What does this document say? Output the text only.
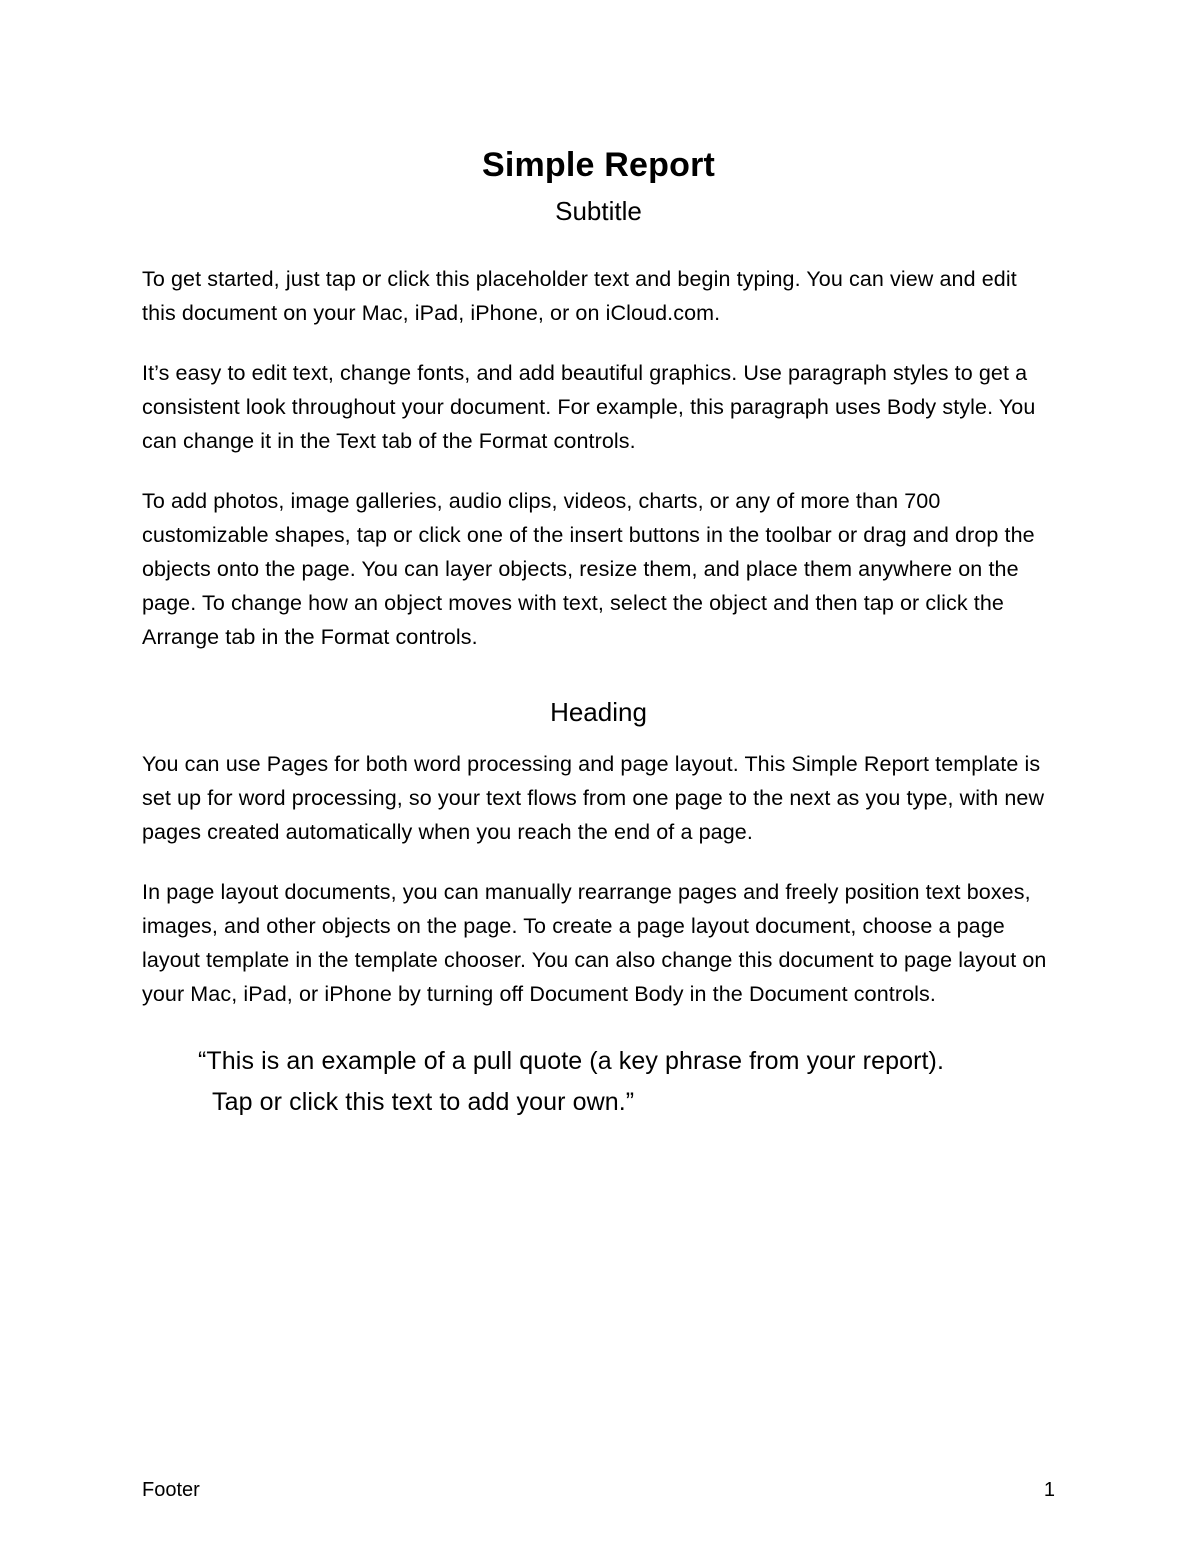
Simple Report
Subtitle

To get started, just tap or click this placeholder text and begin typing. You can view and edit this document on your Mac, iPad, iPhone, or on iCloud.com.

It’s easy to edit text, change fonts, and add beautiful graphics. Use paragraph styles to get a consistent look throughout your document. For example, this paragraph uses Body style. You can change it in the Text tab of the Format controls.

To add photos, image galleries, audio clips, videos, charts, or any of more than 700 customizable shapes, tap or click one of the insert buttons in the toolbar or drag and drop the objects onto the page. You can layer objects, resize them, and place them anywhere on the page. To change how an object moves with text, select the object and then tap or click the Arrange tab in the Format controls.

Heading

You can use Pages for both word processing and page layout. This Simple Report template is set up for word processing, so your text flows from one page to the next as you type, with new pages created automatically when you reach the end of a page.

In page layout documents, you can manually rearrange pages and freely position text boxes, images, and other objects on the page. To create a page layout document, choose a page layout template in the template chooser. You can also change this document to page layout on your Mac, iPad, or iPhone by turning off Document Body in the Document controls.

“This is an example of a pull quote (a key phrase from your report). Tap or click this text to add your own.”
Footer	1
